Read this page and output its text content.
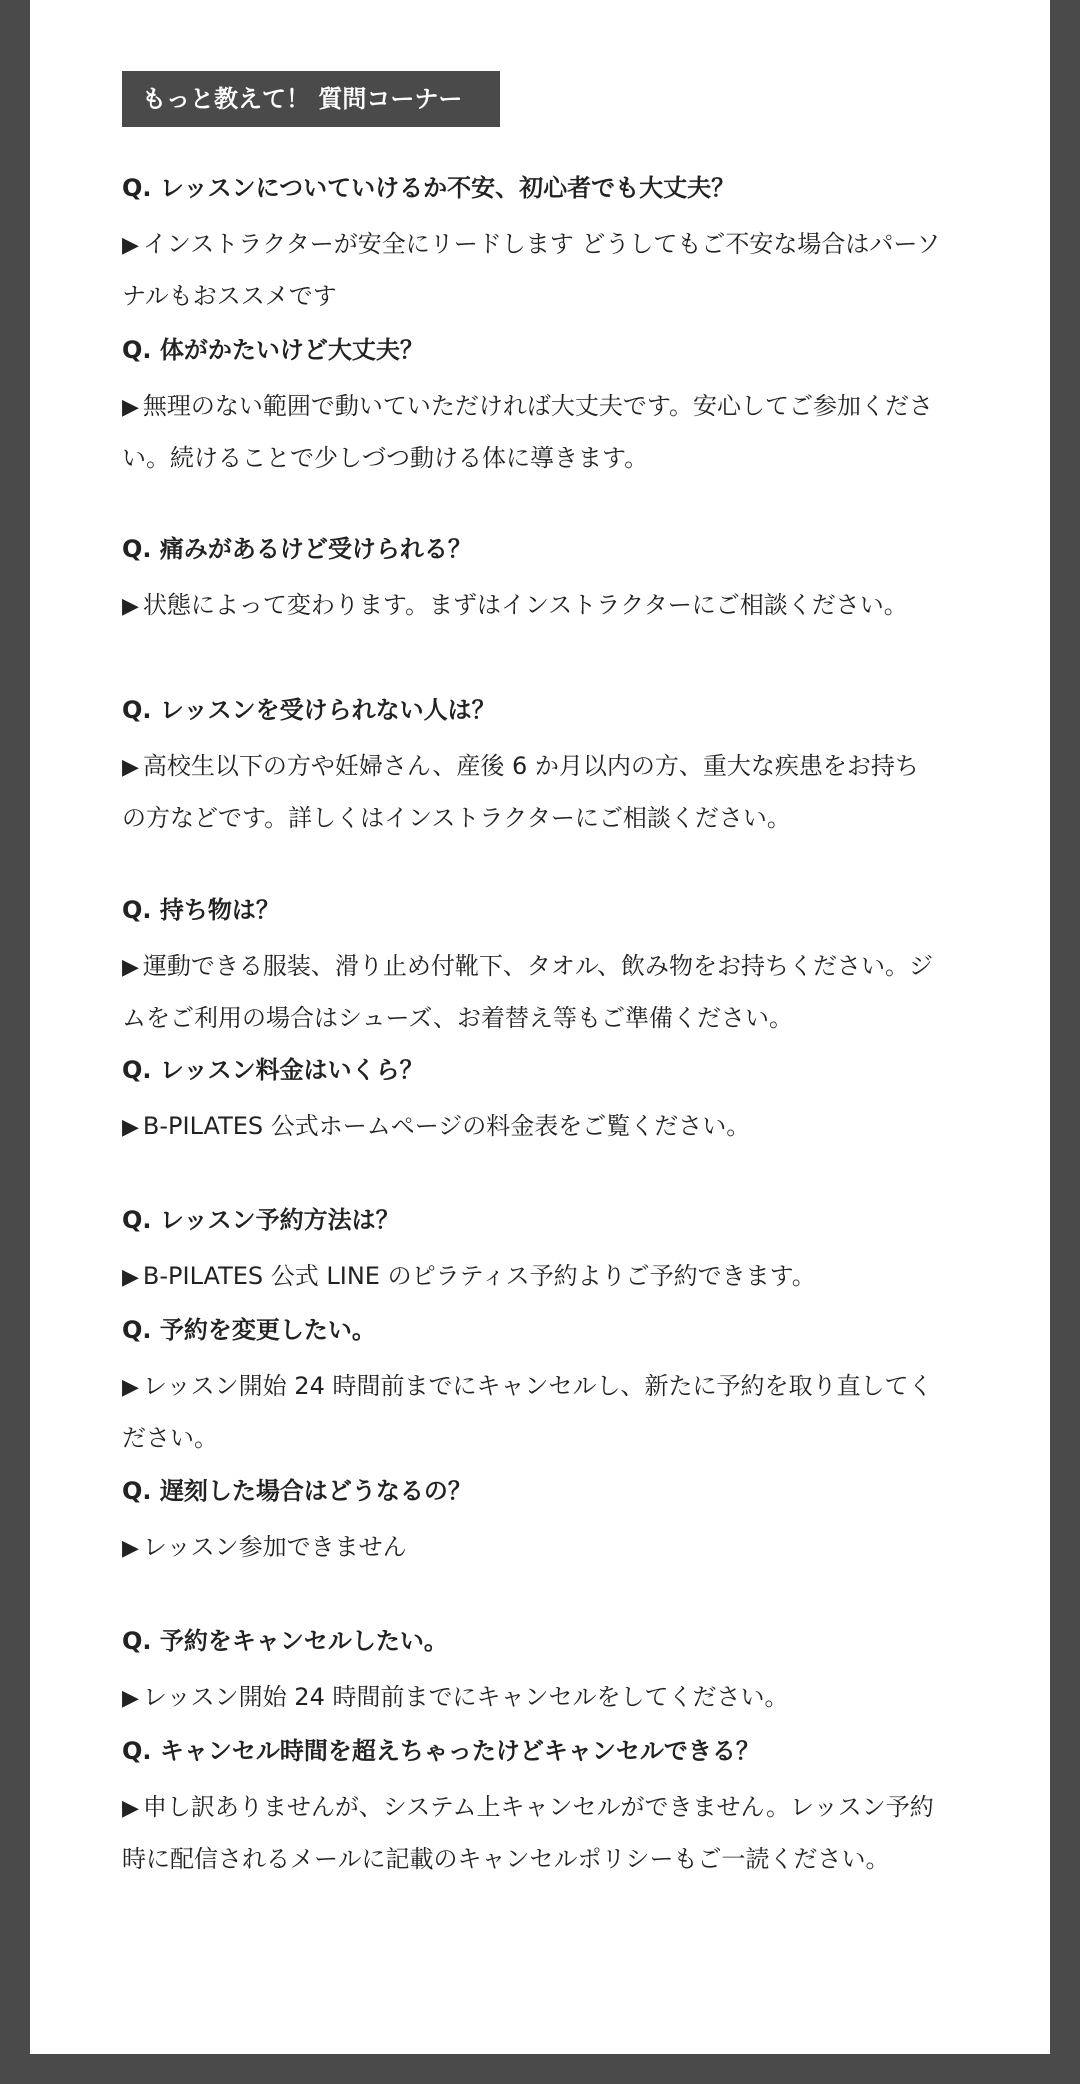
もっと教えて！ 質問コーナー
Q. レッスンについていけるか不安、初心者でも大丈夫？
▶ インストラクターが安全にリードします どうしてもご不安な場合はパーソナルもおススメです
Q. 体がかたいけど大丈夫？
▶ 無理のない範囲で動いていただければ大丈夫です。安心してご参加ください。続けることで少しづつ動ける体に導きます。
Q. 痛みがあるけど受けられる？
▶ 状態によって変わります。まずはインストラクターにご相談ください。
Q. レッスンを受けられない人は？
▶ 高校生以下の方や妊婦さん、産後 6 か月以内の方、重大な疾患をお持ちの方などです。詳しくはインストラクターにご相談ください。
Q. 持ち物は？
▶ 運動できる服装、滑り止め付靴下、タオル、飲み物をお持ちください。ジムをご利用の場合はシューズ、お着替え等もご準備ください。
Q. レッスン料金はいくら？
▶ B-PILATES 公式ホームページの料金表をご覧ください。
Q. レッスン予約方法は？
▶ B-PILATES 公式 LINE のピラティス予約よりご予約できます。
Q. 予約を変更したい。
▶ レッスン開始 24 時間前までにキャンセルし、新たに予約を取り直してください。
Q. 遅刻した場合はどうなるの？
▶ レッスン参加できません
Q. 予約をキャンセルしたい。
▶ レッスン開始 24 時間前までにキャンセルをしてください。
Q. キャンセル時間を超えちゃったけどキャンセルできる？
▶ 申し訳ありませんが、システム上キャンセルができません。レッスン予約時に配信されるメールに記載のキャンセルポリシーもご一読ください。
